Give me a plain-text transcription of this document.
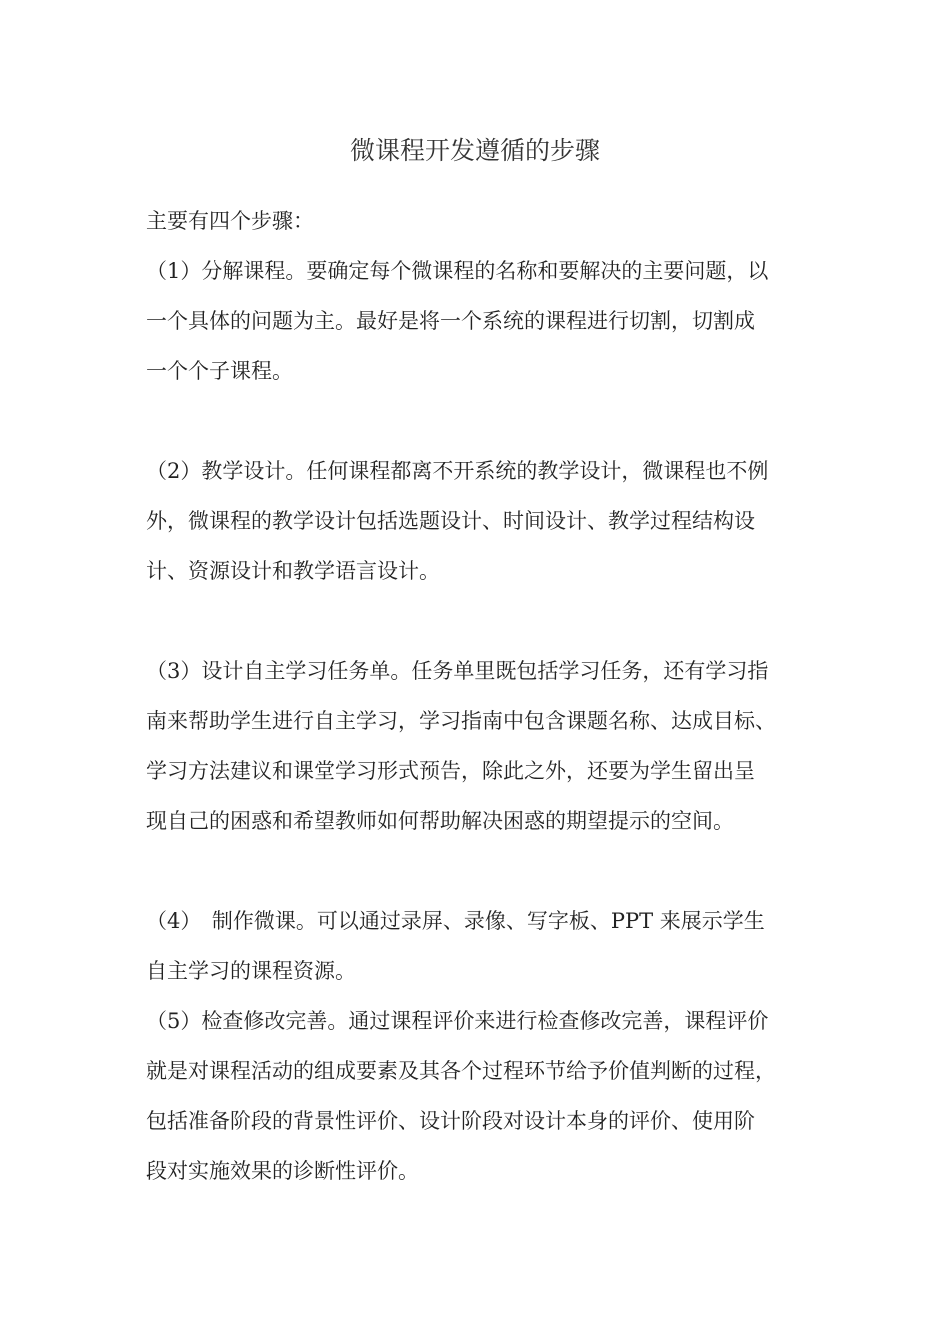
微课程开发遵循的步骤
主要有四个步骤：
（1）分解课程。要确定每个微课程的名称和要解决的主要问题，以
一个具体的问题为主。最好是将一个系统的课程进行切割，切割成
一个个子课程。
（2）教学设计。任何课程都离不开系统的教学设计，微课程也不例
外，微课程的教学设计包括选题设计、时间设计、教学过程结构设
计、资源设计和教学语言设计。
（3）设计自主学习任务单。任务单里既包括学习任务，还有学习指
南来帮助学生进行自主学习，学习指南中包含课题名称、达成目标、
学习方法建议和课堂学习形式预告，除此之外，还要为学生留出呈
现自己的困惑和希望教师如何帮助解决困惑的期望提示的空间。
（4）　制作微课。可以通过录屏、录像、写字板、PPT 来展示学生
自主学习的课程资源。
（5）检查修改完善。通过课程评价来进行检查修改完善，课程评价
就是对课程活动的组成要素及其各个过程环节给予价值判断的过程，
包括准备阶段的背景性评价、设计阶段对设计本身的评价、使用阶
段对实施效果的诊断性评价。
